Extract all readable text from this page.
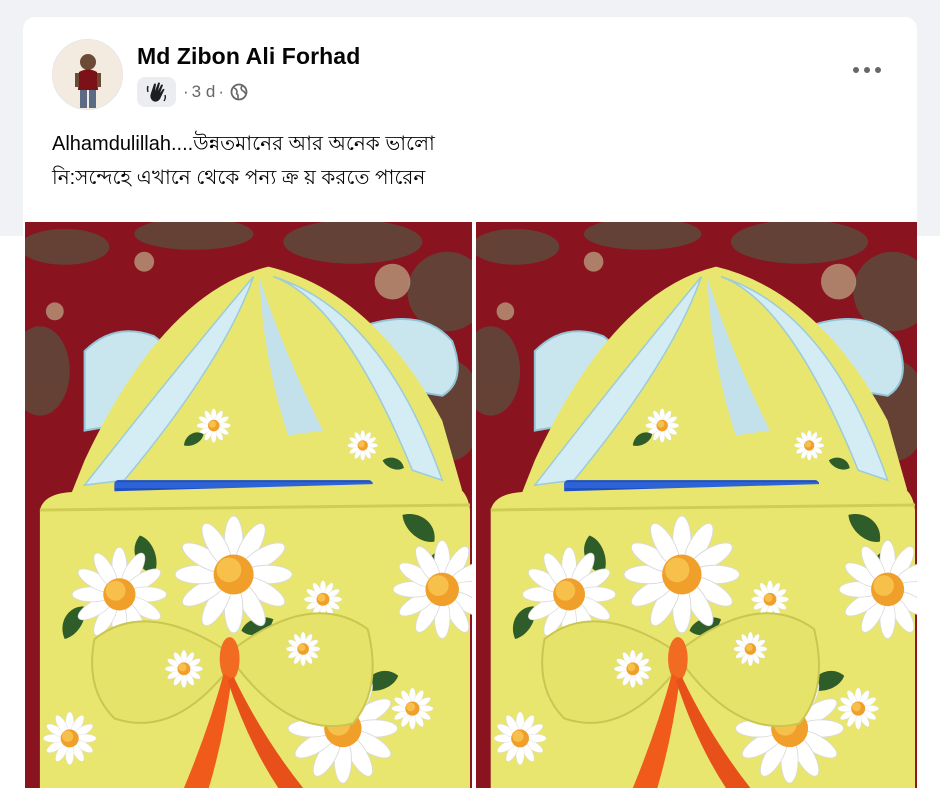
Md Zibon Ali Forhad
· 3 d ·

Alhamdulillah....উন্নতমানের আর অনেক ভালো

নি:সন্দেহে এখানে থেকে পন্য ক্র য় করতে পারেন
